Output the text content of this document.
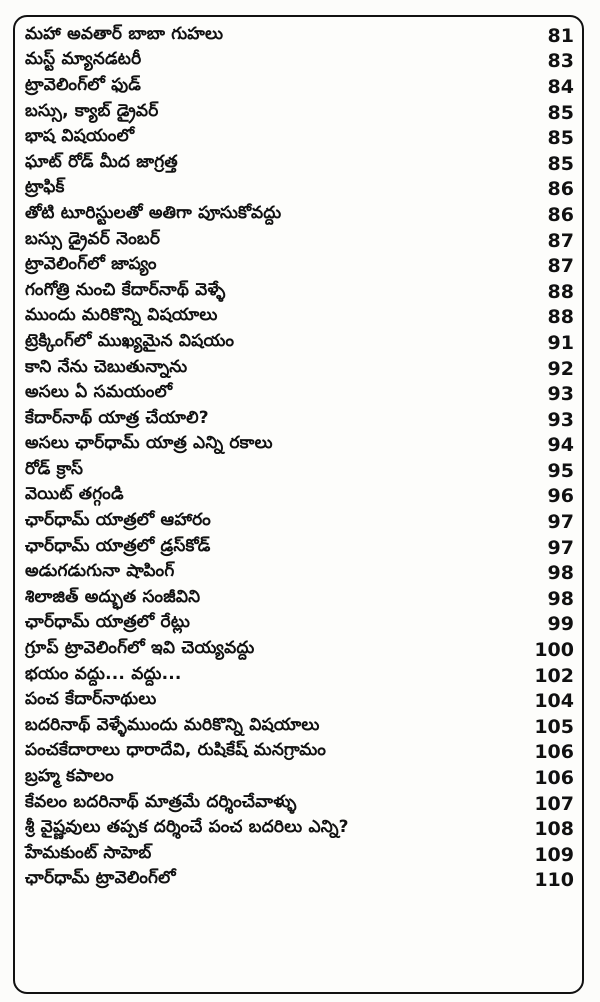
మహా అవతార్ బాబా గుహలు	81
మస్ట్ మ్యానడటరీ	83
ట్రావెలింగ్‌లో ఫుడ్	84
బస్సు, క్యాబ్ డ్రైవర్	85
భాష విషయంలో	85
ఘాట్ రోడ్ మీద జాగ్రత్త	85
ట్రాఫిక్	86
తోటి టూరిస్టులతో అతిగా పూసుకోవద్దు	86
బస్సు డ్రైవర్ నెంబర్	87
ట్రావెలింగ్‌లో జాప్యం	87
గంగోత్రి నుంచి కేదార్‌నాథ్ వెళ్ళే	88
ముందు మరికొన్ని విషయాలు	88
ట్రెక్కింగ్‌లో ముఖ్యమైన విషయం	91
కాని నేను చెబుతున్నాను	92
అసలు ఏ సమయంలో	93
కేదార్‌నాథ్ యాత్ర చేయాలి?	93
అసలు ఛార్‌ధామ్ యాత్ర ఎన్ని రకాలు	94
రోడ్ క్రాస్	95
వెయిట్ తగ్గండి	96
ఛార్‌ధామ్ యాత్రలో ఆహారం	97
ఛార్‌ధామ్ యాత్రలో డ్రస్‌కోడ్	97
అడుగడుగునా షాపింగ్	98
శిలాజిత్ అద్భుత సంజీవిని	98
ఛార్‌ధామ్ యాత్రలో రేట్లు	99
గ్రూప్ ట్రావెలింగ్‌లో ఇవి చెయ్యవద్దు	100
భయం వద్దు... వద్దు...	102
పంచ కేదార్‌నాథులు	104
బదరినాథ్ వెళ్ళేముందు మరికొన్ని విషయాలు	105
పంచకేదారాలు ధారాదేవి, రుషికేష్ మనగ్రామం	106
బ్రహ్మ కపాలం	106
కేవలం బదరినాథ్ మాత్రమే దర్శించేవాళ్ళు	107
శ్రీ వైష్ణవులు తప్పక దర్శించే పంచ బదరిలు ఎన్ని?	108
హేమకుంట్ సాహెబ్	109
ఛార్‌ధామ్ ట్రావెలింగ్‌లో	110
